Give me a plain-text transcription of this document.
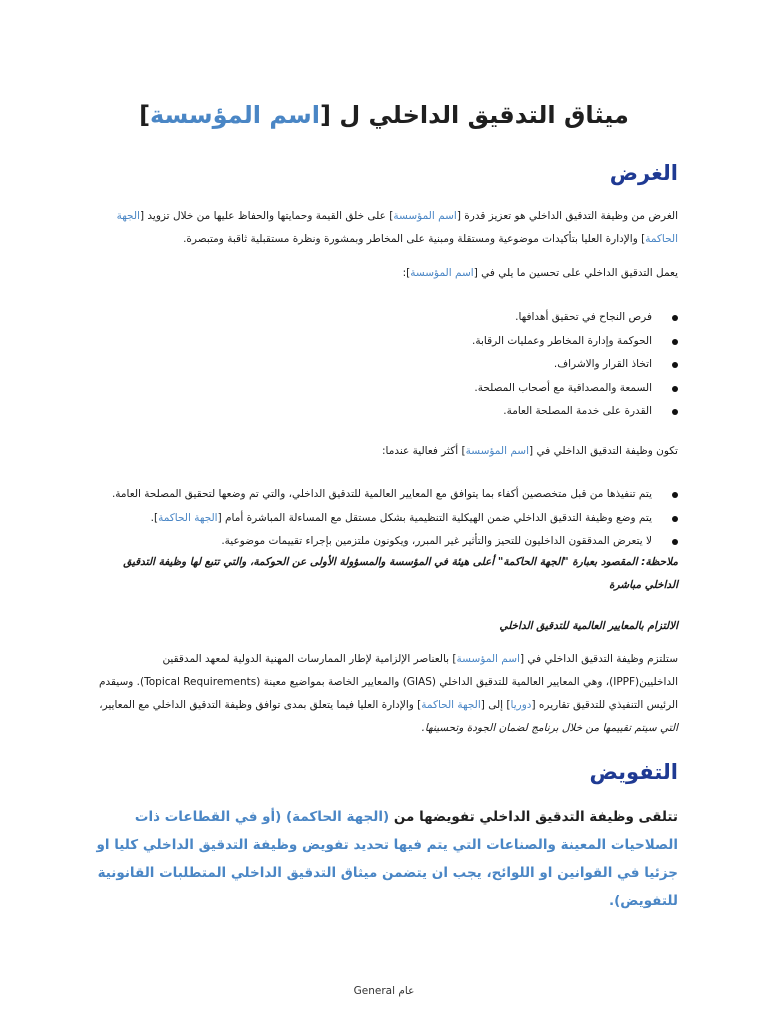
ميثاق التدقيق الداخلي ل [اسم المؤسسة]
الغرض

الغرض من وظيفة التدقيق الداخلي هو تعزيز قدرة [اسم المؤسسة] على خلق القيمة وحمايتها والحفاظ عليها من خلال تزويد [الجهة الحاكمة] والإدارة العليا بتأكيدات موضوعية ومستقلة ومبنية على المخاطر وبمشورة ونظرة مستقبلية ثاقبة ومتبصرة.

يعمل التدقيق الداخلي على تحسين ما يلي في [اسم المؤسسة]:

فرص النجاح في تحقيق أهدافها.
الحوكمة وإدارة المخاطر وعمليات الرقابة.
اتخاذ القرار والاشراف.
السمعة والمصداقية مع أصحاب المصلحة.
القدرة على خدمة المصلحة العامة.

تكون وظيفة التدقيق الداخلي في [اسم المؤسسة] أكثر فعالية عندما:

يتم تنفيذها من قبل متخصصين أكفاء بما يتوافق مع المعايير العالمية للتدقيق الداخلي، والتي تم وضعها لتحقيق المصلحة العامة.
يتم وضع وظيفة التدقيق الداخلي ضمن الهيكلية التنظيمية بشكل مستقل مع المساءلة المباشرة أمام [الجهة الحاكمة].
لا يتعرض المدققون الداخليون للتحيز والتأثير غير المبرر، ويكونون ملتزمين بإجراء تقييمات موضوعية.

ملاحظة: المقصود بعبارة "الجهة الحاكمة" أعلى هيئة في المؤسسة والمسؤولة الأولى عن الحوكمة، والتي تتبع لها وظيفة التدقيق الداخلي مباشرة

الالتزام بالمعايير العالمية للتدقيق الداخلي

ستلتزم وظيفة التدقيق الداخلي في [اسم المؤسسة] بالعناصر الإلزامية لإطار الممارسات المهنية الدولية لمعهد المدققين الداخليين(IPPF)، وهي المعايير العالمية للتدقيق الداخلي (GIAS) والمعايير الخاصة بمواضيع معينة (Topical Requirements). وسيقدم الرئيس التنفيذي للتدقيق تقاريره [دوريا] إلى [الجهة الحاكمة] والإدارة العليا فيما يتعلق بمدى توافق وظيفة التدقيق الداخلي مع المعايير، التي سيتم تقييمها من خلال برنامج لضمان الجودة وتحسينها.

التفويض

تتلقى وظيفة التدقيق الداخلي تفويضها من (الجهة الحاكمة) (أو في القطاعات ذات الصلاحيات المعينة والصناعات التي يتم فيها تحديد تفويض وظيفة التدقيق الداخلي كليا او جزئيا في القوانين او اللوائح، يجب ان يتضمن ميثاق التدقيق الداخلي المتطلبات القانونية للتفويض).

General عام
